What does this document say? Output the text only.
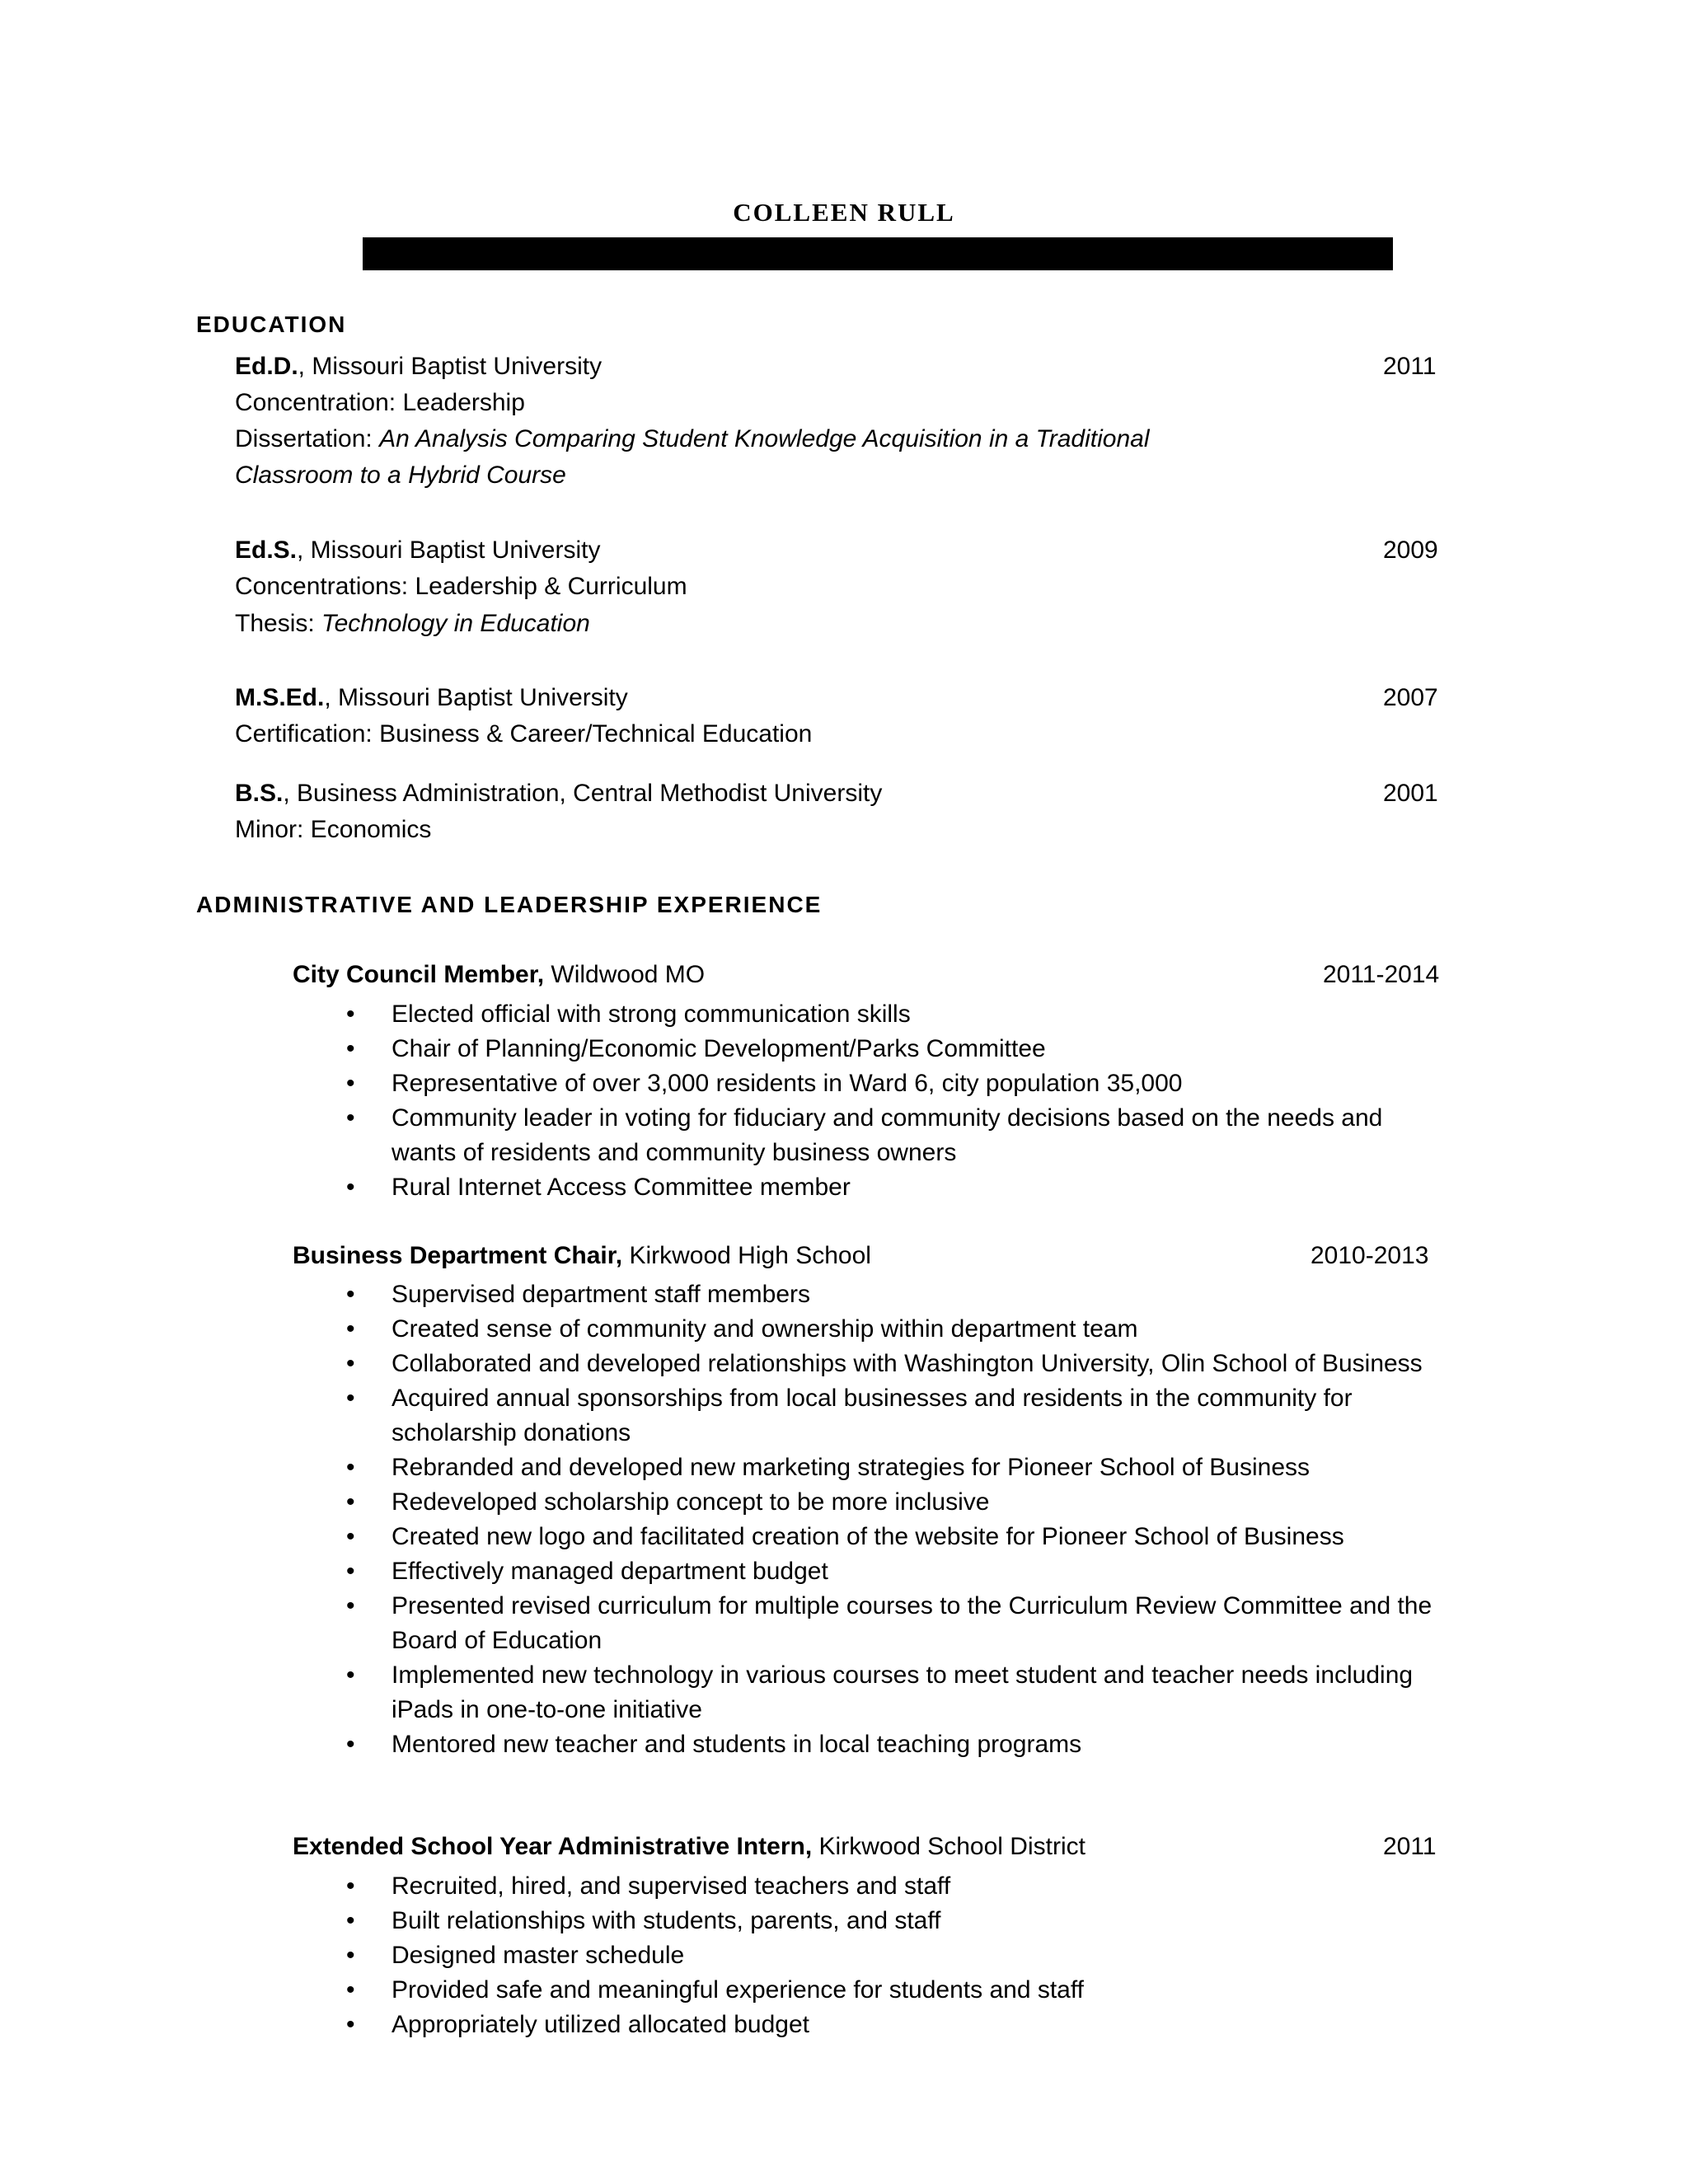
COLLEEN RULL
EDUCATION
Ed.D., Missouri Baptist University	2011
Concentration: Leadership
Dissertation: An Analysis Comparing Student Knowledge Acquisition in a Traditional
Classroom to a Hybrid Course
Ed.S., Missouri Baptist University	2009
Concentrations: Leadership & Curriculum
Thesis: Technology in Education
M.S.Ed., Missouri Baptist University	2007
Certification: Business & Career/Technical Education
B.S., Business Administration, Central Methodist University	2001
Minor: Economics
ADMINISTRATIVE AND LEADERSHIP EXPERIENCE
City Council Member, Wildwood MO	2011-2014
• Elected official with strong communication skills
• Chair of Planning/Economic Development/Parks Committee
• Representative of over 3,000 residents in Ward 6, city population 35,000
• Community leader in voting for fiduciary and community decisions based on the needs and wants of residents and community business owners
• Rural Internet Access Committee member
Business Department Chair, Kirkwood High School	2010-2013
• Supervised department staff members
• Created sense of community and ownership within department team
• Collaborated and developed relationships with Washington University, Olin School of Business
• Acquired annual sponsorships from local businesses and residents in the community for scholarship donations
• Rebranded and developed new marketing strategies for Pioneer School of Business
• Redeveloped scholarship concept to be more inclusive
• Created new logo and facilitated creation of the website for Pioneer School of Business
• Effectively managed department budget
• Presented revised curriculum for multiple courses to the Curriculum Review Committee and the Board of Education
• Implemented new technology in various courses to meet student and teacher needs including iPads in one-to-one initiative
• Mentored new teacher and students in local teaching programs
Extended School Year Administrative Intern, Kirkwood School District	2011
• Recruited, hired, and supervised teachers and staff
• Built relationships with students, parents, and staff
• Designed master schedule
• Provided safe and meaningful experience for students and staff
• Appropriately utilized allocated budget
